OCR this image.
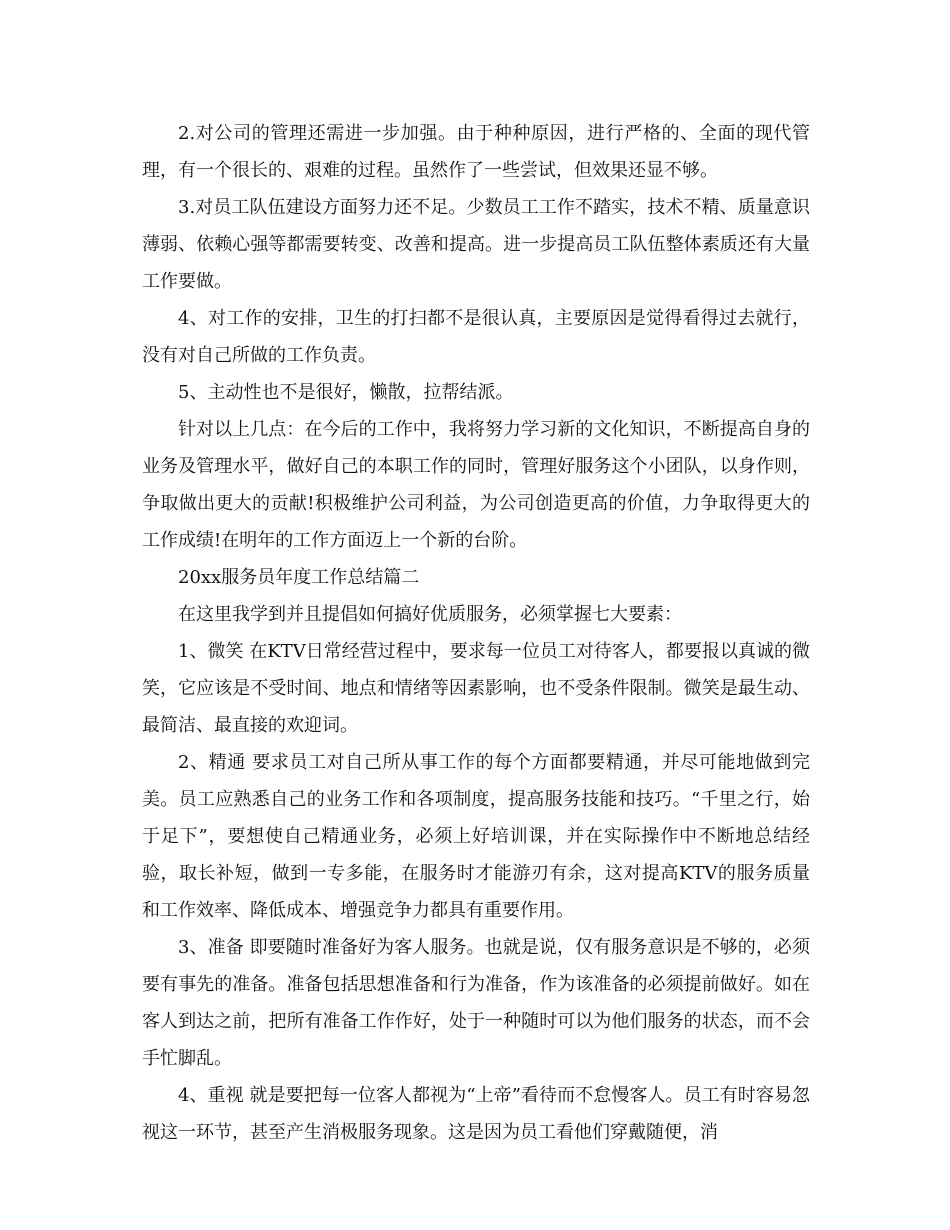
2.对公司的管理还需进一步加强。由于种种原因，进行严格的、全面的现代管理，有一个很长的、艰难的过程。虽然作了一些尝试，但效果还显不够。

3.对员工队伍建设方面努力还不足。少数员工工作不踏实，技术不精、质量意识薄弱、依赖心强等都需要转变、改善和提高。进一步提高员工队伍整体素质还有大量工作要做。

4、对工作的安排，卫生的打扫都不是很认真，主要原因是觉得看得过去就行，没有对自己所做的工作负责。

5、主动性也不是很好，懒散，拉帮结派。

针对以上几点：在今后的工作中，我将努力学习新的文化知识，不断提高自身的业务及管理水平，做好自己的本职工作的同时，管理好服务这个小团队，以身作则，争取做出更大的贡献!积极维护公司利益，为公司创造更高的价值，力争取得更大的工作成绩!在明年的工作方面迈上一个新的台阶。

20xx服务员年度工作总结篇二

在这里我学到并且提倡如何搞好优质服务，必须掌握七大要素：

1、微笑 在KTV日常经营过程中，要求每一位员工对待客人，都要报以真诚的微笑，它应该是不受时间、地点和情绪等因素影响，也不受条件限制。微笑是最生动、最简洁、最直接的欢迎词。

2、精通 要求员工对自己所从事工作的每个方面都要精通，并尽可能地做到完美。员工应熟悉自己的业务工作和各项制度，提高服务技能和技巧。“千里之行，始于足下”，要想使自己精通业务，必须上好培训课，并在实际操作中不断地总结经验，取长补短，做到一专多能，在服务时才能游刃有余，这对提高KTV的服务质量和工作效率、降低成本、增强竞争力都具有重要作用。

3、准备 即要随时准备好为客人服务。也就是说，仅有服务意识是不够的，必须要有事先的准备。准备包括思想准备和行为准备，作为该准备的必须提前做好。如在客人到达之前，把所有准备工作作好，处于一种随时可以为他们服务的状态，而不会手忙脚乱。

4、重视 就是要把每一位客人都视为“上帝”看待而不怠慢客人。员工有时容易忽视这一环节，甚至产生消极服务现象。这是因为员工看他们穿戴随便，消
